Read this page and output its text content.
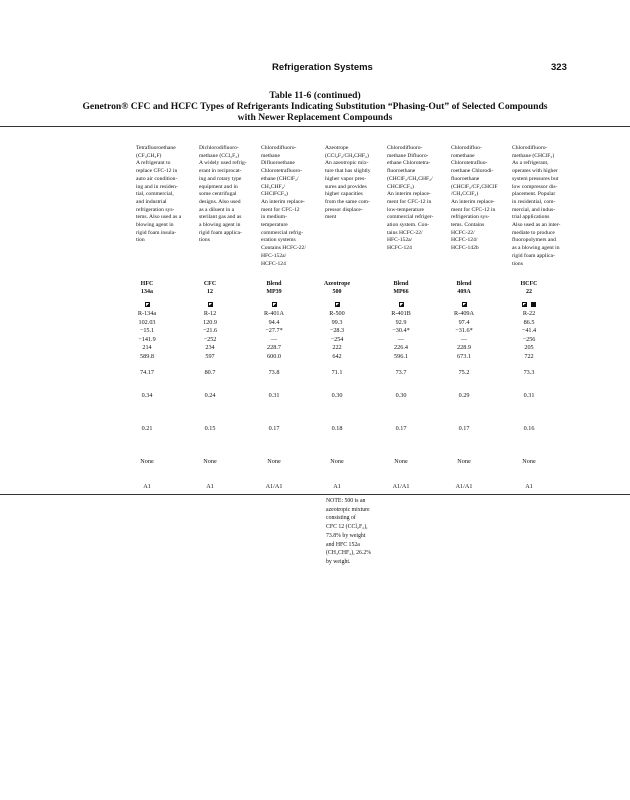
Refrigeration Systems	323
Table 11-6 (continued)
Genetron® CFC and HCFC Types of Refrigerants Indicating Substitution “Phasing-Out” of Selected Compounds
with Newer Replacement Compounds
Tetrafluoroethane
(CF₃CH₂F)
A refrigerant to
replace CFC-12 in
auto air condition-
ing and in residen-
tial, commercial,
and industrial
refrigeration sys-
tems. Also used as a
blowing agent in
rigid foam insula-
tion
HFC
134a
R-134a
102.03
−15.1
−141.9
214
589.8
74.17
0.34
0.21
None
A1
Dichlorodifluoro-
methane (CCl₂F₂)
A widely used refrig-
erant in reciprocat-
ing and rotary type
equipment and in
some centrifugal
designs. Also used
as a diluent in a
sterilant gas and as
a blowing agent in
rigid foam applica-
tions
CFC
12
R-12
120.9
−21.6
−252
234
597
80.7
0.24
0.15
None
A1
Chlorodifluoro-
methane
Difluoroethane
Chlorotetrafluoro-
ethane (CHClF₂/
CH₃CHF₂/
CHClFCF₃)
An interim replace-
ment for CFC-12
in medium-
temperature
commercial refrig-
eration systems
Contains HCFC-22/
HFC-152a/
HCFC-124
Blend
MP39
R-401A
94.4
−27.7*
—
228.7
600.0
73.8
0.31
0.17
None
A1/A1
Azeotrope
(CCl₂F₂/CH₃CHF₂)
An azeotropic mix-
ture that has slightly
higher vapor pres-
sures and provides
higher capacities
from the same com-
pressor displace-
ment
Azeotrope
500
R-500
99.3
−28.3
−254
222
642
71.1
0.30
0.18
None
A1
Chlorodifluoro-
methane Difluoro-
ethane Chlorotetra-
fluoroethane
(CHClF₂/CH₃CHF₂/
CHClFCF₃)
An interim replace-
ment for CFC-12 in
low-temperature
commercial refriger-
ation system. Con-
tains HCFC-22/
HFC-152a/
HCFC-124
Blend
MP66
R-401B
92.9
−30.4*
—
226.4
596.1
73.7
0.30
0.17
None
A1/A1
Chlorodifluo-
romethane
Chlorotetrafluo-
roethane Chlorodi-
fluoroethane
(CHClF₂/CF₃CHClF
/CH₃CClF₂)
An interim replace-
ment for CFC-12 in
refrigeration sys-
tems. Contains
HCFC-22/
HCFC-124/
HCFC-142b
Blend
409A
R-409A
97.4
−31.6*
—
228.9
673.1
75.2
0.29
0.17
None
A1/A1
Chlorodifluoro-
methane (CHClF₂)
As a refrigerant,
operates with higher
system pressures but
low compressor dis-
placement. Popular
in residential, com-
mercial, and indus-
trial applications
Also used as an inter-
mediate to produce
fluoropolymers and
as a blowing agent in
rigid foam applica-
tions
HCFC
22
R-22
86.5
−41.4
−256
205
722
73.3
0.31
0.16
None
A1
NOTE: 500 is an
azeotropic mixture
consisting of
CFC 12 (CCl₂F₂),
73.8% by weight
and HFC 152a
(CH₃CHF₂), 26.2%
by weight.
